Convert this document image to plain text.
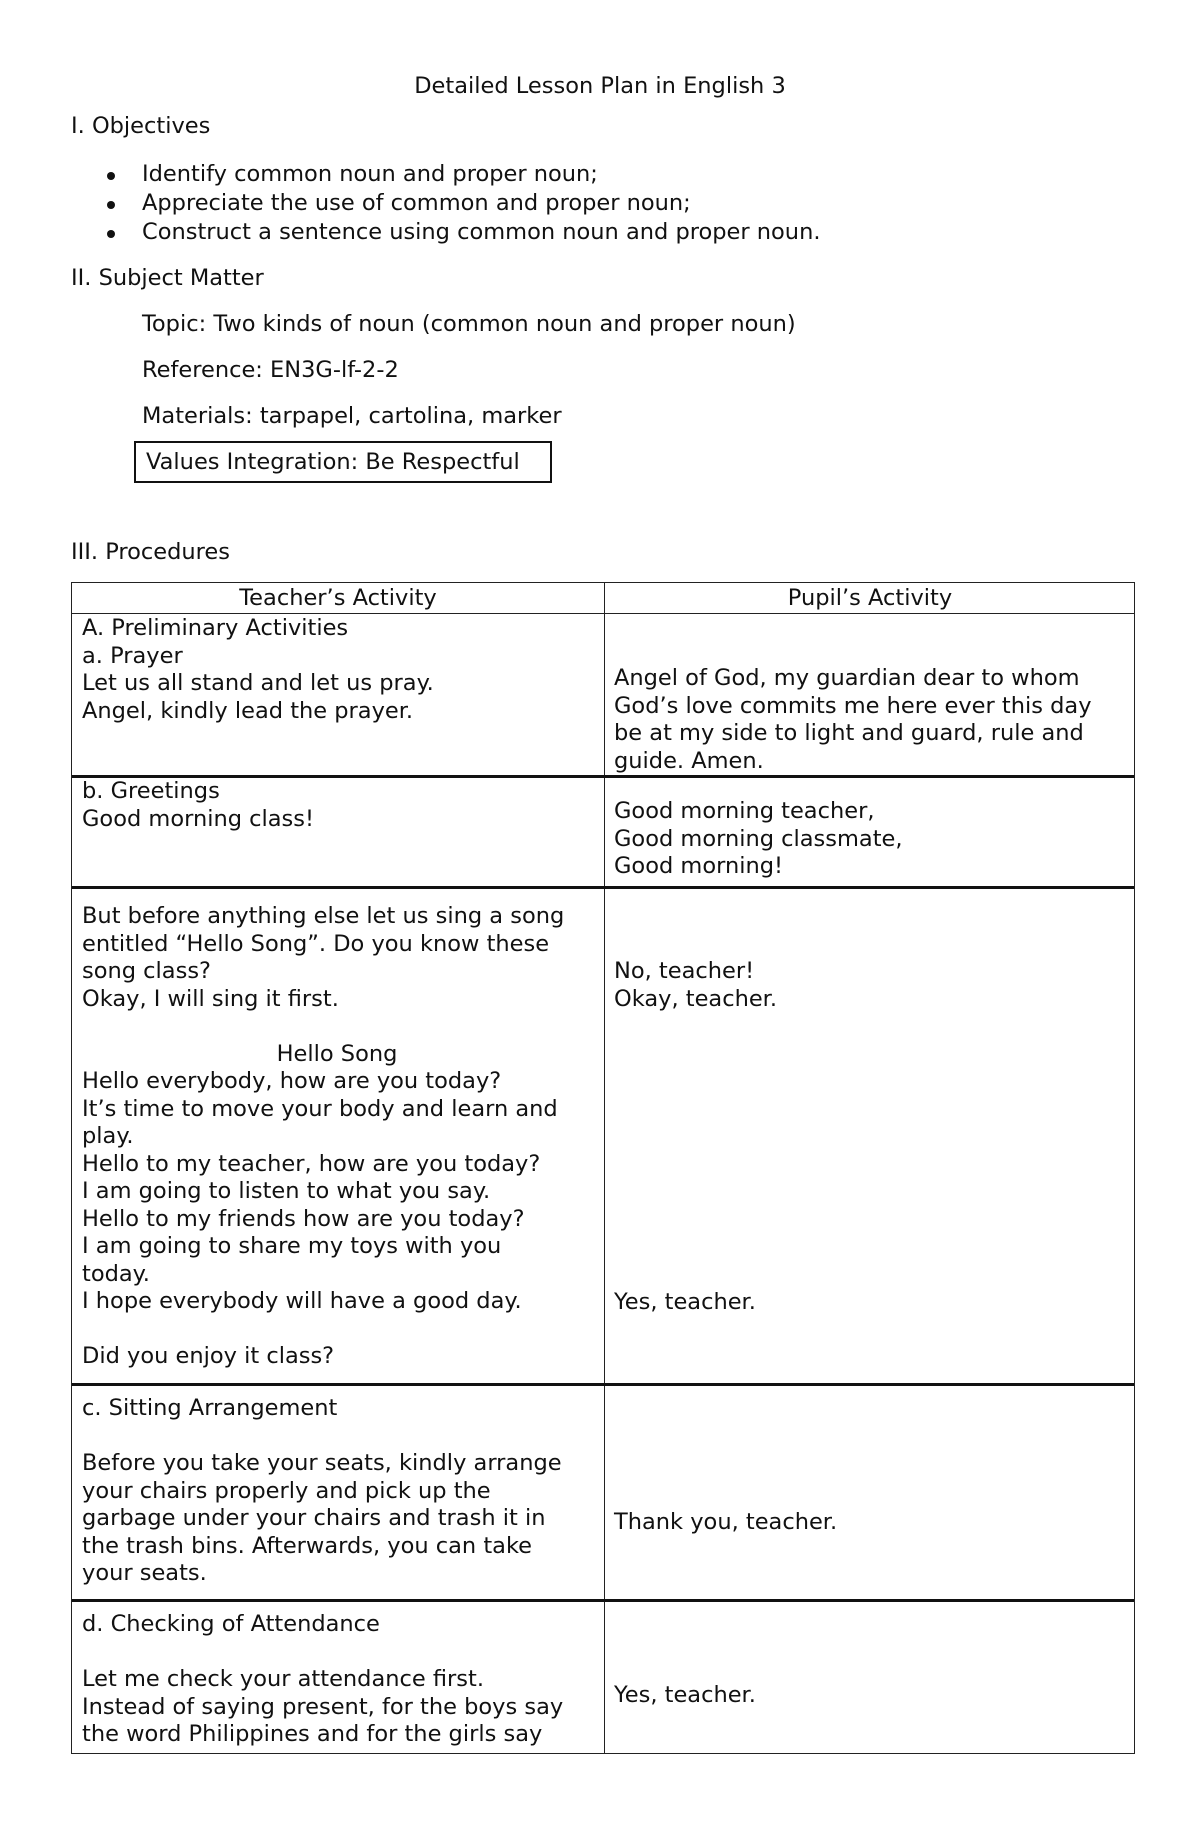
Detailed Lesson Plan in English 3
I. Objectives
Identify common noun and proper noun;
Appreciate the use of common and proper noun;
Construct a sentence using common noun and proper noun.
II. Subject Matter
Topic: Two kinds of noun (common noun and proper noun)
Reference: EN3G-lf-2-2
Materials: tarpapel, cartolina, marker
Values Integration: Be Respectful
III. Procedures
Teacher’s Activity	Pupil’s Activity
A. Preliminary Activities
a. Prayer
Let us all stand and let us pray.
Angel, kindly lead the prayer.
Angel of God, my guardian dear to whom
God’s love commits me here ever this day
be at my side to light and guard, rule and
guide. Amen.
b. Greetings
Good morning class!	Good morning teacher,
Good morning classmate,
Good morning!
But before anything else let us sing a song
entitled “Hello Song”. Do you know these
song class?
Okay, I will sing it first.
Hello Song
Hello everybody, how are you today?
It’s time to move your body and learn and
play.
Hello to my teacher, how are you today?
I am going to listen to what you say.
Hello to my friends how are you today?
I am going to share my toys with you
today.
I hope everybody will have a good day.
Did you enjoy it class?
No, teacher!
Okay, teacher.
Yes, teacher.
c. Sitting Arrangement
Before you take your seats, kindly arrange
your chairs properly and pick up the
garbage under your chairs and trash it in
the trash bins. Afterwards, you can take
your seats.
Thank you, teacher.
d. Checking of Attendance
Let me check your attendance first.
Instead of saying present, for the boys say
the word Philippines and for the girls say
Yes, teacher.
